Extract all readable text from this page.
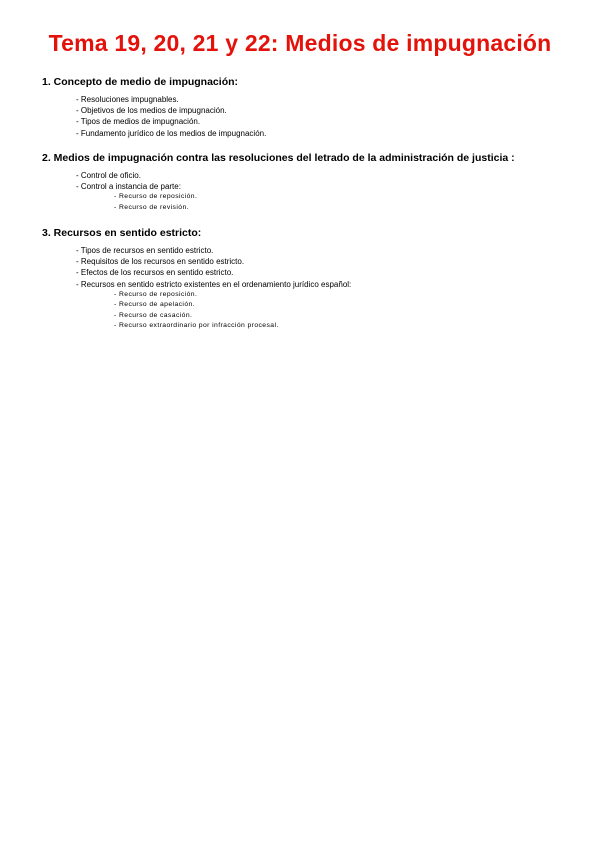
Tema 19, 20, 21 y 22: Medios de impugnación
1. Concepto de medio de impugnación:
- Resoluciones impugnables.
- Objetivos de los medios de impugnación.
- Tipos de medios de impugnación.
- Fundamento jurídico de los medios de impugnación.
2. Medios de impugnación contra las resoluciones del letrado de la administración de justicia :
- Control de oficio.
- Control a instancia de parte:
- Recurso de reposición.
- Recurso de revisión.
3. Recursos en sentido estricto:
- Tipos de recursos en sentido estricto.
- Requisitos de los recursos en sentido estricto.
- Efectos de los recursos en sentido estricto.
- Recursos en sentido estricto existentes en el ordenamiento jurídico español:
- Recurso de reposición.
- Recurso de apelación.
- Recurso de casación.
- Recurso extraordinario por infracción procesal.
